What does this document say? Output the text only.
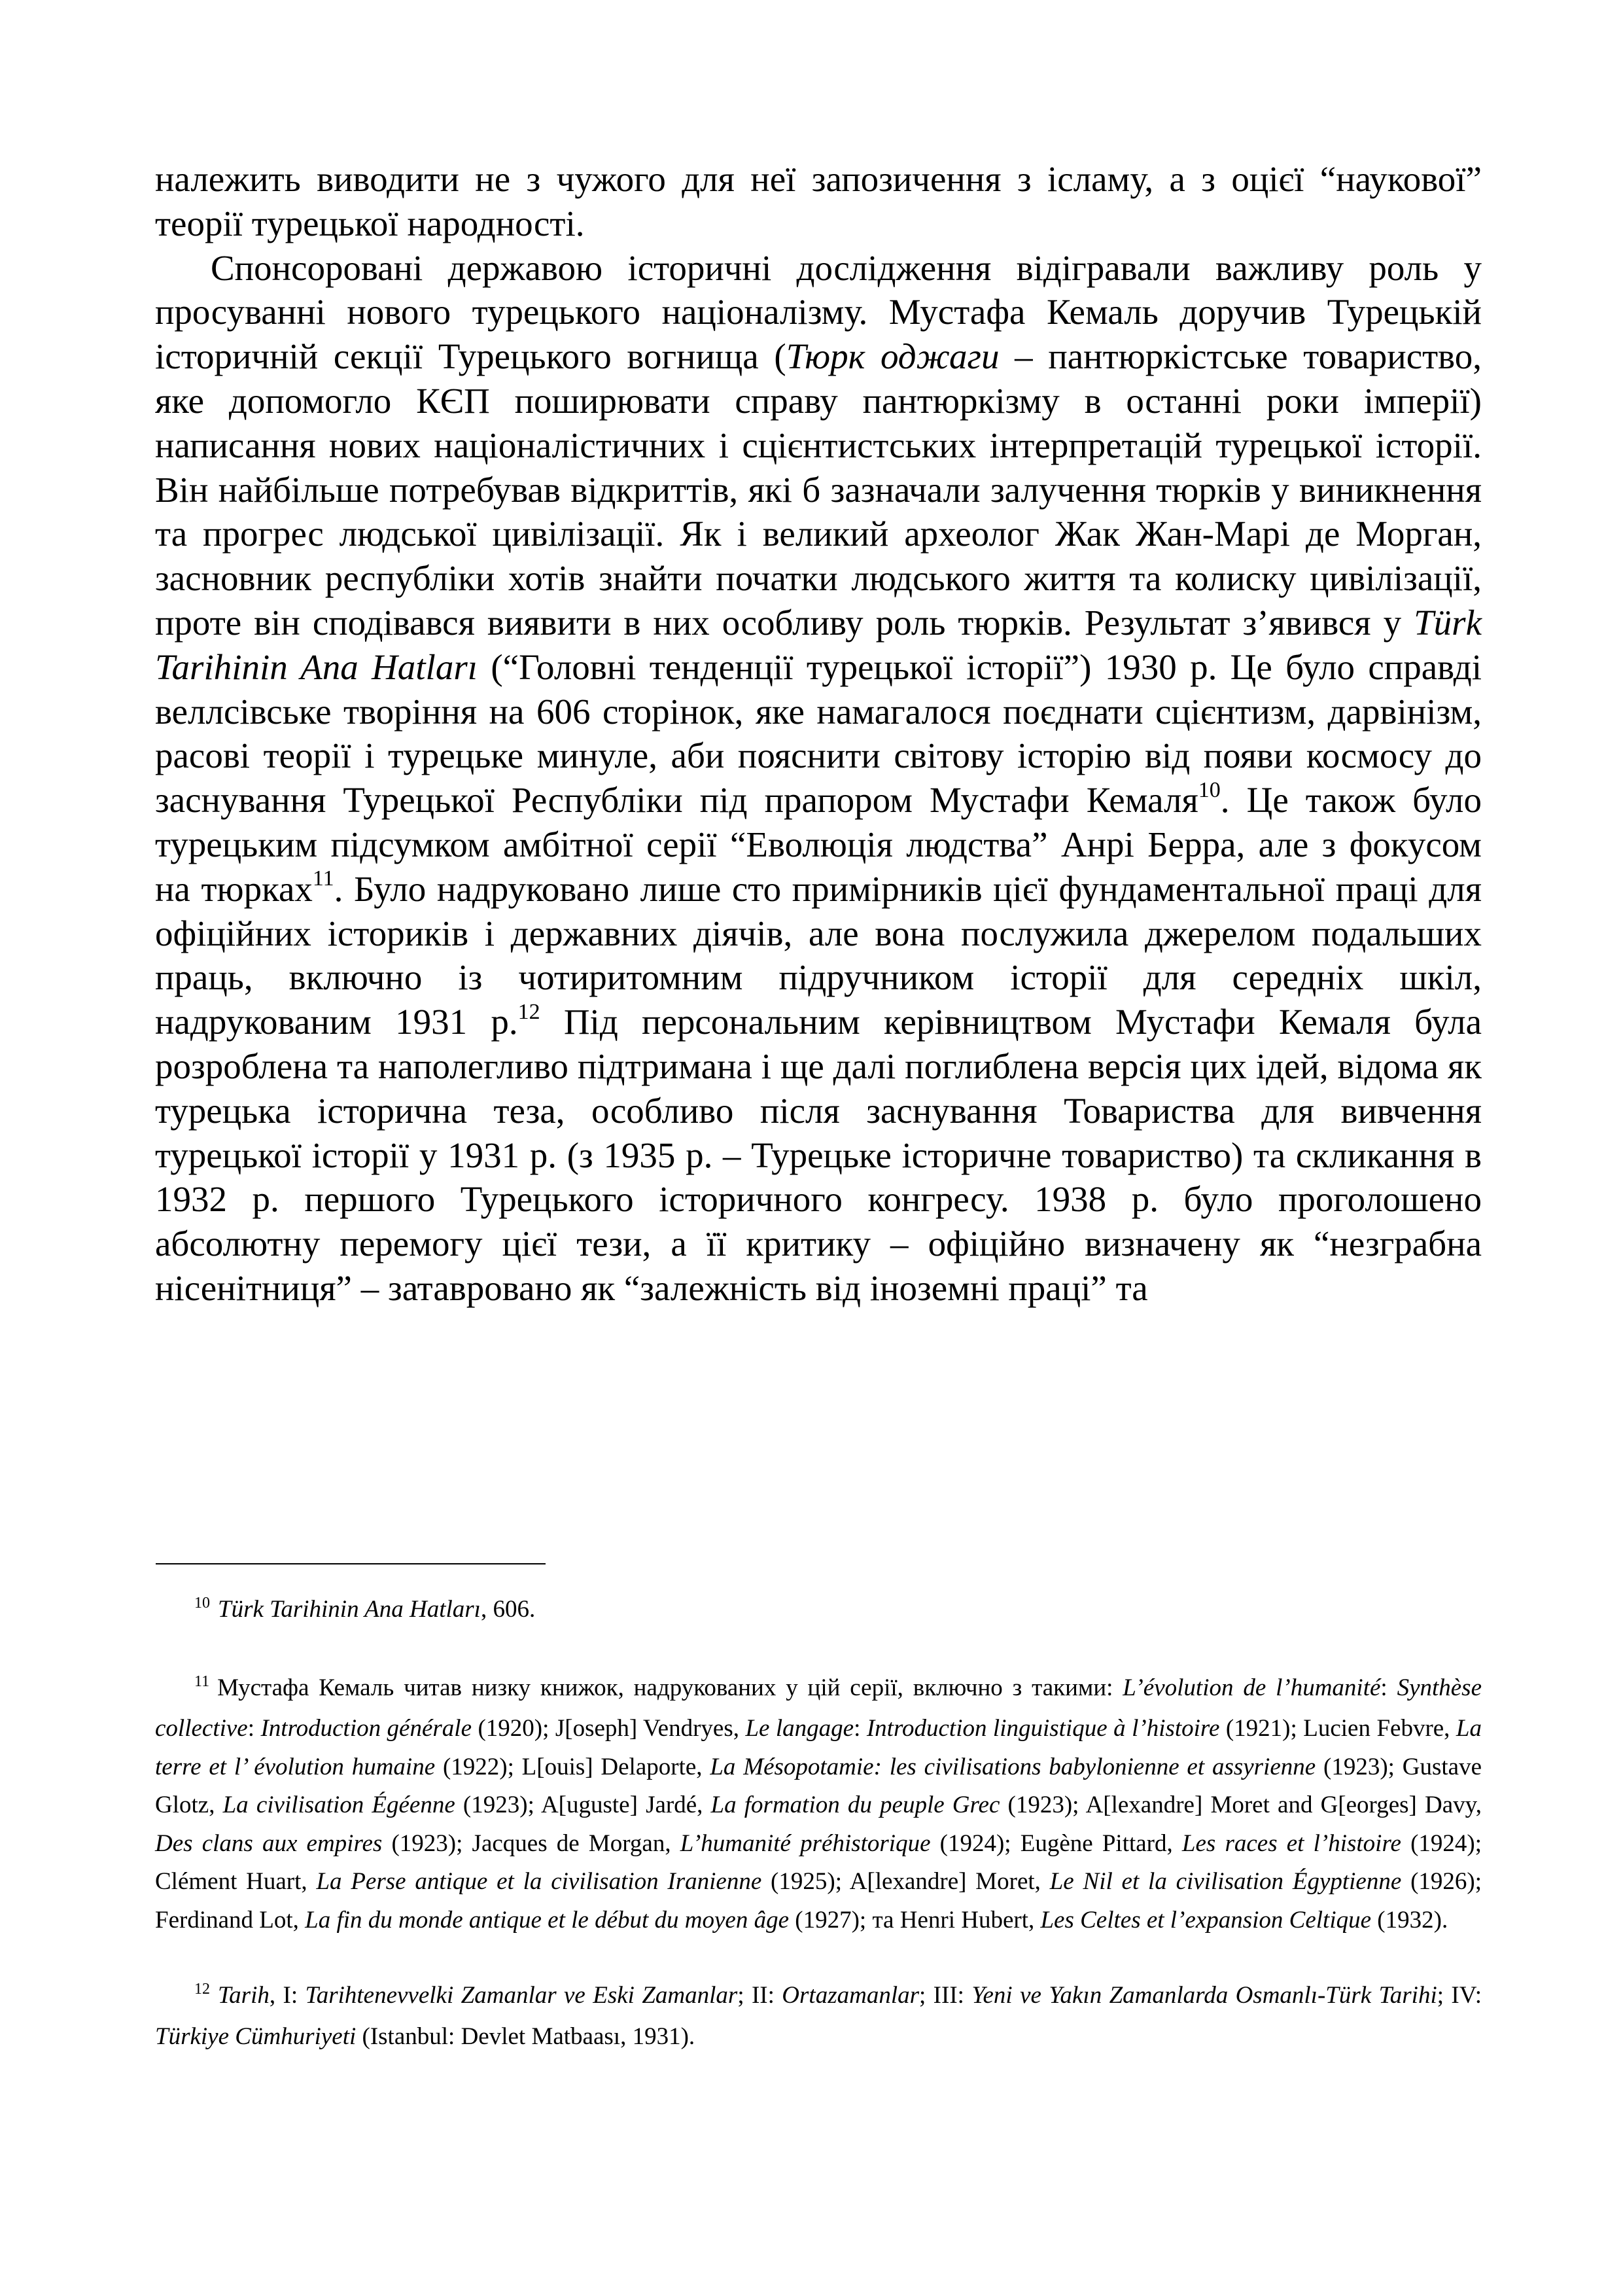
належить виводити не з чужого для неї запозичення з ісламу, а з оцієї “наукової” теорії турецької народності.

Спонсоровані державою історичні дослідження відігравали важливу роль у просуванні нового турецького націоналізму. Мустафа Кемаль доручив Турецькій історичній секції Турецького вогнища (Тюрк оджаги – пантюркістське товариство, яке допомогло КЄП поширювати справу пантюркізму в останні роки імперії) написання нових націоналістичних і сцієнтистських інтерпретацій турецької історії. Він найбільше потребував відкриттів, які б зазначали залучення тюрків у виникнення та прогрес людської цивілізації. Як і великий археолог Жак Жан-Марі де Морган, засновник республіки хотів знайти початки людського життя та колиску цивілізації, проте він сподівався виявити в них особливу роль тюрків. Результат з’явився у Türk Tarihinin Ana Hatları (“Головні тенденції турецької історії”) 1930 р. Це було справді веллсівське творіння на 606 сторінок, яке намагалося поєднати сцієнтизм, дарвінізм, расові теорії і турецьке минуле, аби пояснити світову історію від появи космосу до заснування Турецької Республіки під прапором Мустафи Кемаля$^{10}$. Це також було турецьким підсумком амбітної серії “Еволюція людства” Анрі Берра, але з фокусом на тюрках$^{11}$. Було надруковано лише сто примірників цієї фундаментальної праці для офіційних істориків і державних діячів, але вона послужила джерелом подальших праць, включно із чотиритомним підручником історії для середніх шкіл, надрукованим 1931 р.$^{12}$ Під персональним керівництвом Мустафи Кемаля була розроблена та наполегливо підтримана і ще далі поглиблена версія цих ідей, відома як турецька історична теза, особливо після заснування Товариства для вивчення турецької історії у 1931 р. (з 1935 р. – Турецьке історичне товариство) та скликання в 1932 р. першого Турецького історичного конгресу. 1938 р. було проголошено абсолютну перемогу цієї тези, а її критику – офіційно визначену як “незграбна нісенітниця” – затавровано як “залежність від іноземні праці” та

$^{10}$ Türk Tarihinin Ana Hatları, 606.

$^{11}$ Мустафа Кемаль читав низку книжок, надрукованих у цій серії, включно з такими: L’évolution de l’humanité: Synthèse collective: Introduction générale (1920); J[oseph] Vendryes, Le langage: Introduction linguistique à l’histoire (1921); Lucien Febvre, La terre et l’ évolution humaine (1922); L[ouis] Delaporte, La Mésopotamie: les civilisations babylonienne et assyrienne (1923); Gustave Glotz, La civilisation Égéenne (1923); A[uguste] Jardé, La formation du peuple Grec (1923); A[lexandre] Moret and G[eorges] Davy, Des clans aux empires (1923); Jacques de Morgan, L’humanité préhistorique (1924); Eugène Pittard, Les races et l’histoire (1924); Clément Huart, La Perse antique et la civilisation Iranienne (1925); A[lexandre] Moret, Le Nil et la civilisation Égyptienne (1926); Ferdinand Lot, La fin du monde antique et le début du moyen âge (1927); та Henri Hubert, Les Celtes et l’expansion Celtique (1932).

$^{12}$ Tarih, I: Tarihtenevvelki Zamanlar ve Eski Zamanlar; II: Ortazamanlar; III: Yeni ve Yakın Zamanlarda Osmanlı-Türk Tarihi; IV: Türkiye Cümhuriyeti (Istanbul: Devlet Matbaası, 1931).
